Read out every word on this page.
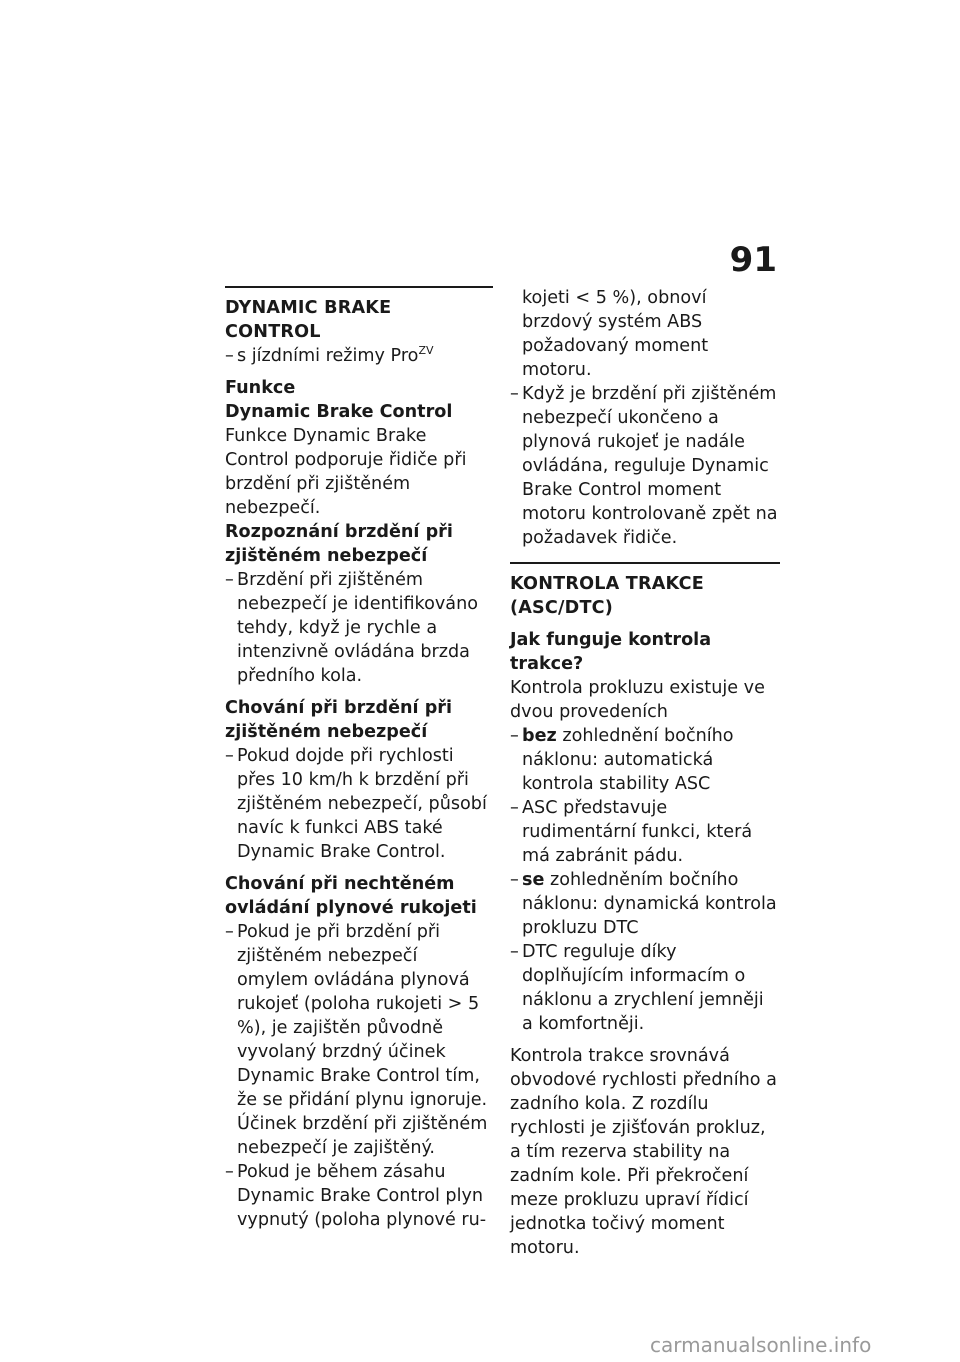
91
DYNAMIC BRAKE CONTROL
– s jízdními režimy Pro$^{ZV}$
Funkce
Dynamic Brake Control

Funkce Dynamic Brake Control podporuje řidiče při brzdění při zjištěném nebezpečí.

Rozpoznání brzdění při zjištěném nebezpečí
– Brzdění při zjištěném nebezpečí je identifikováno tehdy, když je rychle a intenzivně ovládána brzda předního kola.
Chování při brzdění při zjištěném nebezpečí
– Pokud dojde při rychlosti přes 10 km/h k brzdění při zjištěném nebezpečí, působí navíc k funkci ABS také Dynamic Brake Control.
Chování při nechtěném ovládání plynové rukojeti
– Pokud je při brzdění při zjištěném nebezpečí omylem ovládána plynová rukojeť (poloha rukojeti > 5 %), je zajištěn původně vyvolaný brzdný účinek Dynamic Brake Control tím, že se přidání plynu ignoruje. Účinek brzdění při zjištěném nebezpečí je zajištěný.
– Pokud je během zásahu Dynamic Brake Control plyn vypnutý (poloha plynové ru-

kojeti < 5 %), obnoví brzdový systém ABS požadovaný moment motoru.

– Když je brzdění při zjištěném nebezpečí ukončeno a plynová rukojeť je nadále ovládána, reguluje Dynamic Brake Control moment motoru kontrolovaně zpět na požadavek řidiče.
KONTROLA TRAKCE (ASC/DTC)
Jak funguje kontrola trakce?

Kontrola prokluzu existuje ve dvou provedeních

– bez zohlednění bočního náklonu: automatická kontrola stability ASC
– ASC představuje rudimentární funkci, která má zabránit pádu.
– se zohledněním bočního náklonu: dynamická kontrola prokluzu DTC
– DTC reguluje díky doplňujícím informacím o náklonu a zrychlení jemněji a komfortněji.

Kontrola trakce srovnává obvodové rychlosti předního a zadního kola. Z rozdílu rychlosti je zjišťován prokluz, a tím rezerva stability na zadním kole. Při překročení meze prokluzu upraví řídicí jednotka točivý moment motoru.

carmanualsonline.info
